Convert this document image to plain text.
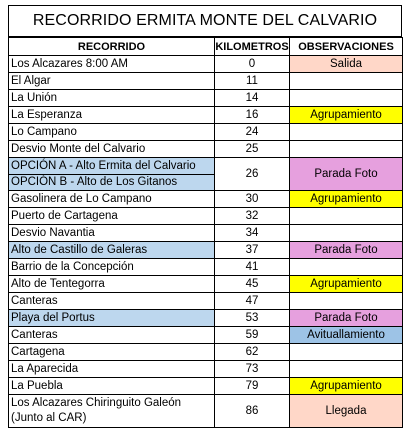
RECORRIDO ERMITA MONTE DEL CALVARIO
RECORRIDO	KILOMETROS	OBSERVACIONES
Los Alcazares 8:00 AM	0	Salida
El Algar	11	
La Unión	14	
La Esperanza	16	Agrupamiento
Lo Campano	24	
Desvio Monte del Calvario	25	

OPCIÓN A - Alto Ermita del Calvario
OPCIÓN B - Alto de Los Gitanos	26	Parada Foto
Gasolinera de Lo Campano	30	Agrupamiento
Puerto de Cartagena	32	
Desvio Navantia	34	
Alto de Castillo de Galeras	37	Parada Foto
Barrio de la Concepción	41	
Alto de Tentegorra	45	Agrupamiento
Canteras	47	
Playa del Portus	53	Parada Foto
Canteras	59	Avituallamiento
Cartagena	62	
La Aparecida	73	
La Puebla	79	Agrupamiento

Los Alcazares Chiringuito Galeón
(Junto al CAR)	86	Llegada
